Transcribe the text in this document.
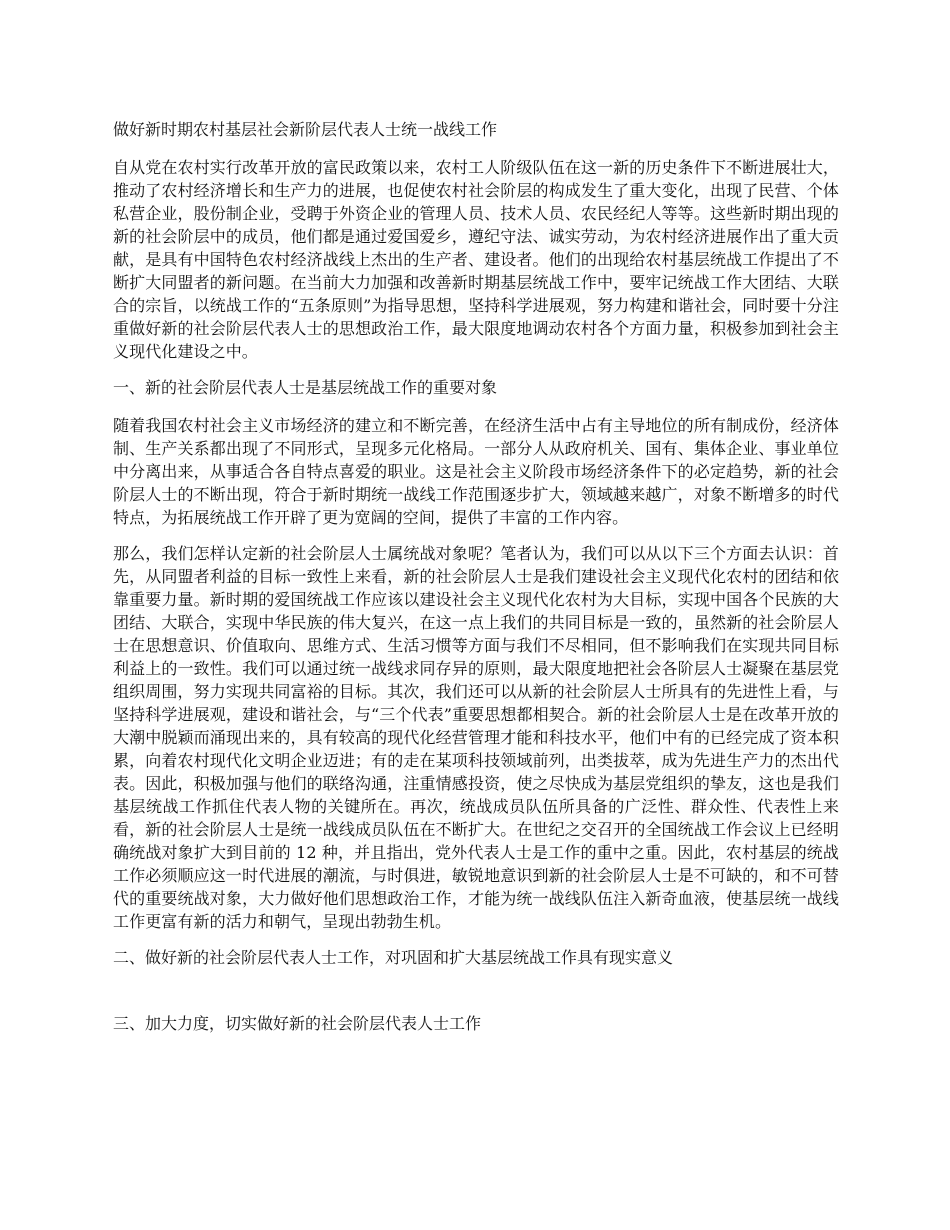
做好新时期农村基层社会新阶层代表人士统一战线工作

自从党在农村实行改革开放的富民政策以来，农村工人阶级队伍在这一新的历史条件下不断进展壮大，推动了农村经济增长和生产力的进展，也促使农村社会阶层的构成发生了重大变化，出现了民营、个体私营企业，股份制企业，受聘于外资企业的管理人员、技术人员、农民经纪人等等。这些新时期出现的新的社会阶层中的成员，他们都是通过爱国爱乡，遵纪守法、诚实劳动，为农村经济进展作出了重大贡献，是具有中国特色农村经济战线上杰出的生产者、建设者。他们的出现给农村基层统战工作提出了不断扩大同盟者的新问题。在当前大力加强和改善新时期基层统战工作中，要牢记统战工作大团结、大联合的宗旨，以统战工作的“五条原则”为指导思想，坚持科学进展观，努力构建和谐社会，同时要十分注重做好新的社会阶层代表人士的思想政治工作，最大限度地调动农村各个方面力量，积极参加到社会主义现代化建设之中。

一、新的社会阶层代表人士是基层统战工作的重要对象

随着我国农村社会主义市场经济的建立和不断完善，在经济生活中占有主导地位的所有制成份，经济体制、生产关系都出现了不同形式，呈现多元化格局。一部分人从政府机关、国有、集体企业、事业单位中分离出来，从事适合各自特点喜爱的职业。这是社会主义阶段市场经济条件下的必定趋势，新的社会阶层人士的不断出现，符合于新时期统一战线工作范围逐步扩大，领域越来越广，对象不断增多的时代特点，为拓展统战工作开辟了更为宽阔的空间，提供了丰富的工作内容。

那么，我们怎样认定新的社会阶层人士属统战对象呢？笔者认为，我们可以从以下三个方面去认识：首先，从同盟者利益的目标一致性上来看，新的社会阶层人士是我们建设社会主义现代化农村的团结和依靠重要力量。新时期的爱国统战工作应该以建设社会主义现代化农村为大目标，实现中国各个民族的大团结、大联合，实现中华民族的伟大复兴，在这一点上我们的共同目标是一致的，虽然新的社会阶层人士在思想意识、价值取向、思维方式、生活习惯等方面与我们不尽相同，但不影响我们在实现共同目标利益上的一致性。我们可以通过统一战线求同存异的原则，最大限度地把社会各阶层人士凝聚在基层党组织周围，努力实现共同富裕的目标。其次，我们还可以从新的社会阶层人士所具有的先进性上看，与坚持科学进展观，建设和谐社会，与“三个代表”重要思想都相契合。新的社会阶层人士是在改革开放的大潮中脱颖而涌现出来的，具有较高的现代化经营管理才能和科技水平，他们中有的已经完成了资本积累，向着农村现代化文明企业迈进；有的走在某项科技领域前列，出类拔萃，成为先进生产力的杰出代表。因此，积极加强与他们的联络沟通，注重情感投资，使之尽快成为基层党组织的挚友，这也是我们基层统战工作抓住代表人物的关键所在。再次，统战成员队伍所具备的广泛性、群众性、代表性上来看，新的社会阶层人士是统一战线成员队伍在不断扩大。在世纪之交召开的全国统战工作会议上已经明确统战对象扩大到目前的 12 种，并且指出，党外代表人士是工作的重中之重。因此，农村基层的统战工作必须顺应这一时代进展的潮流，与时俱进，敏锐地意识到新的社会阶层人士是不可缺的，和不可替代的重要统战对象，大力做好他们思想政治工作，才能为统一战线队伍注入新奇血液，使基层统一战线工作更富有新的活力和朝气，呈现出勃勃生机。

二、做好新的社会阶层代表人士工作，对巩固和扩大基层统战工作具有现实意义
三、加大力度，切实做好新的社会阶层代表人士工作
